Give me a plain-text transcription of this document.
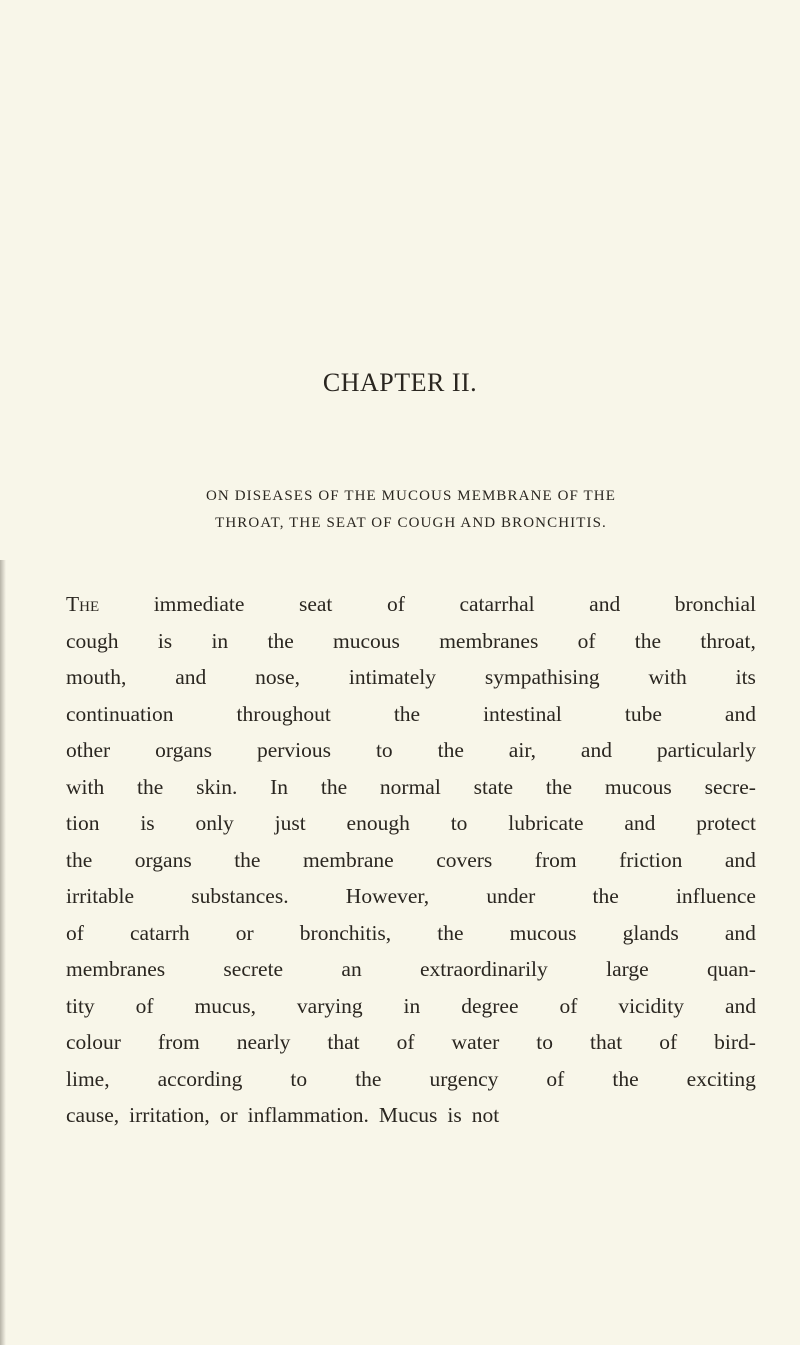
CHAPTER II.

ON DISEASES OF THE MUCOUS MEMBRANE OF THE
THROAT, THE SEAT OF COUGH AND BRONCHITIS.

The	immediate	seat	of	catarrhal	and	bronchial
cough is in the mucous membranes of the throat,
mouth, and nose, intimately sympathising with its
continuation	throughout	the	intestinal	tube	and
other organs pervious to the air, and particularly
with the skin. In the normal state the mucous secre-
tion is only just enough to lubricate and protect
the organs the membrane covers from friction and
irritable	substances.	However,	under	the	influence
of catarrh or bronchitis, the mucous glands and
membranes	secrete	an	extraordinarily	large	quan-
tity of mucus, varying in degree of vicidity and
colour from nearly that of water to that of bird-
lime, according to the urgency of the exciting
cause, irritation, or inflammation. Mucus is not
